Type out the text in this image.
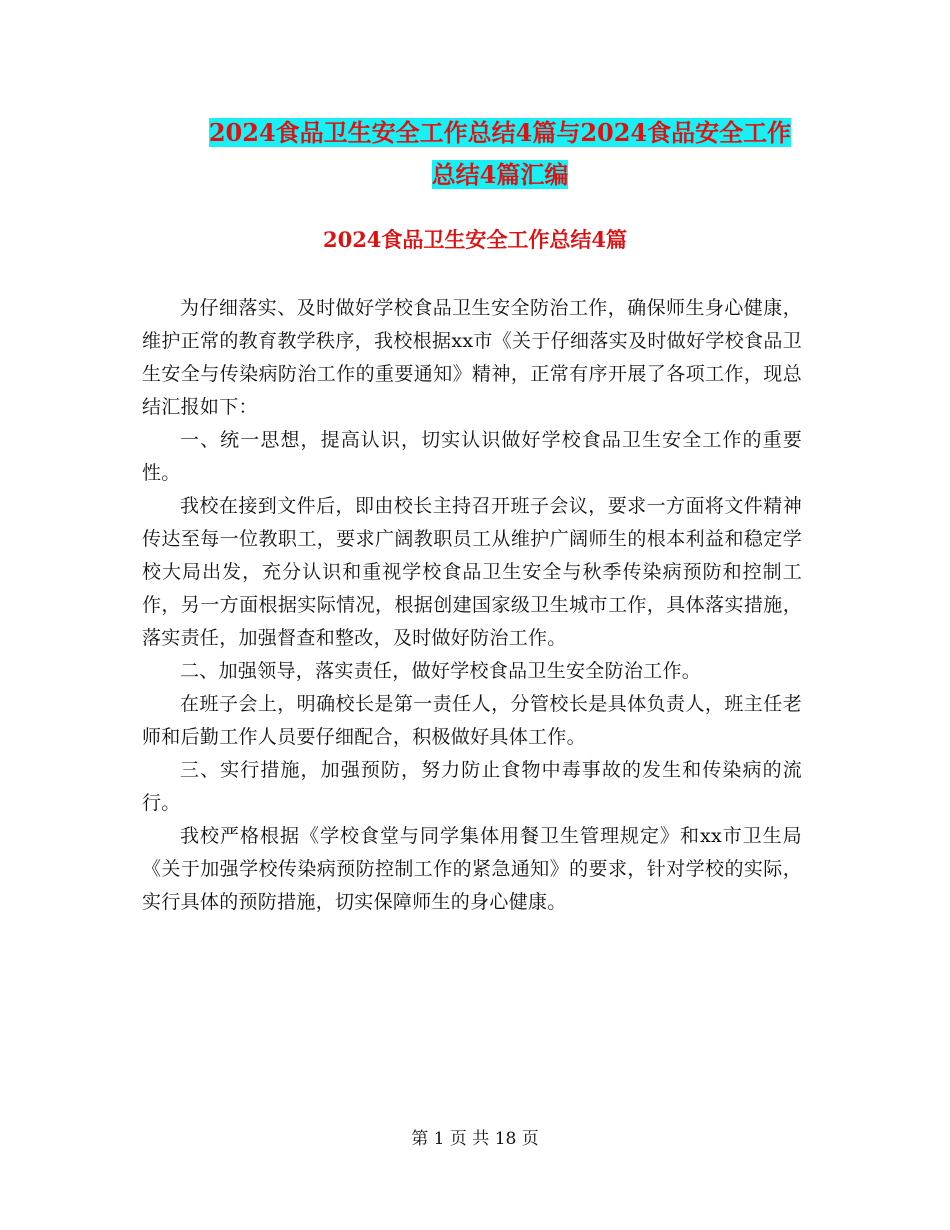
2024食品卫生安全工作总结4篇与2024食品安全工作
总结4篇汇编
2024食品卫生安全工作总结4篇

为仔细落实、及时做好学校食品卫生安全防治工作，确保师生身心健康，维护正常的教育教学秩序，我校根据xx市《关于仔细落实及时做好学校食品卫生安全与传染病防治工作的重要通知》精神，正常有序开展了各项工作，现总结汇报如下：

一、统一思想，提高认识，切实认识做好学校食品卫生安全工作的重要性。

我校在接到文件后，即由校长主持召开班子会议，要求一方面将文件精神传达至每一位教职工，要求广阔教职员工从维护广阔师生的根本利益和稳定学校大局出发，充分认识和重视学校食品卫生安全与秋季传染病预防和控制工作，另一方面根据实际情况，根据创建国家级卫生城市工作，具体落实措施，落实责任，加强督查和整改，及时做好防治工作。

二、加强领导，落实责任，做好学校食品卫生安全防治工作。

在班子会上，明确校长是第一责任人，分管校长是具体负责人，班主任老师和后勤工作人员要仔细配合，积极做好具体工作。

三、实行措施，加强预防，努力防止食物中毒事故的发生和传染病的流行。

我校严格根据《学校食堂与同学集体用餐卫生管理规定》和xx市卫生局《关于加强学校传染病预防控制工作的紧急通知》的要求，针对学校的实际，实行具体的预防措施，切实保障师生的身心健康。

第 1 页 共 18 页
